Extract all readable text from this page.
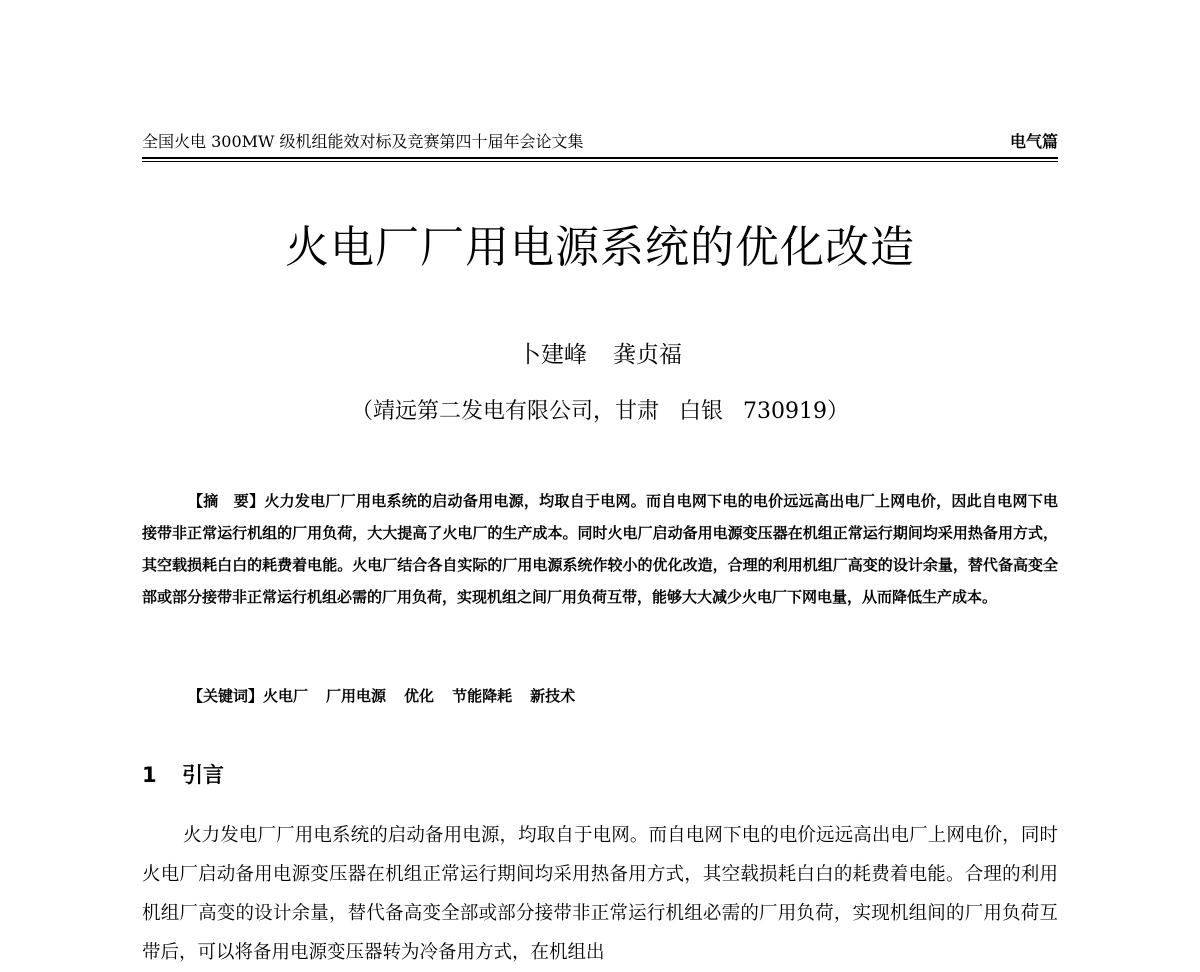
全国火电 300MW 级机组能效对标及竞赛第四十届年会论文集	电气篇
火电厂厂用电源系统的优化改造
卜建峰 龚贞福
（靖远第二发电有限公司，甘肃 白银 730919）

【摘　要】火力发电厂厂用电系统的启动备用电源，均取自于电网。而自电网下电的电价远远高出电厂上网电价，因此自电网下电接带非正常运行机组的厂用负荷，大大提高了火电厂的生产成本。同时火电厂启动备用电源变压器在机组正常运行期间均采用热备用方式，其空载损耗白白的耗费着电能。火电厂结合各自实际的厂用电源系统作较小的优化改造，合理的利用机组厂高变的设计余量，替代备高变全部或部分接带非正常运行机组必需的厂用负荷，实现机组之间厂用负荷互带，能够大大减少火电厂下网电量，从而降低生产成本。

【关键词】火电厂 厂用电源 优化 节能降耗 新技术
1 引言

火力发电厂厂用电系统的启动备用电源，均取自于电网。而自电网下电的电价远远高出电厂上网电价，同时火电厂启动备用电源变压器在机组正常运行期间均采用热备用方式，其空载损耗白白的耗费着电能。合理的利用机组厂高变的设计余量，替代备高变全部或部分接带非正常运行机组必需的厂用负荷，实现机组间的厂用负荷互带后，可以将备用电源变压器转为冷备用方式，在机组出
